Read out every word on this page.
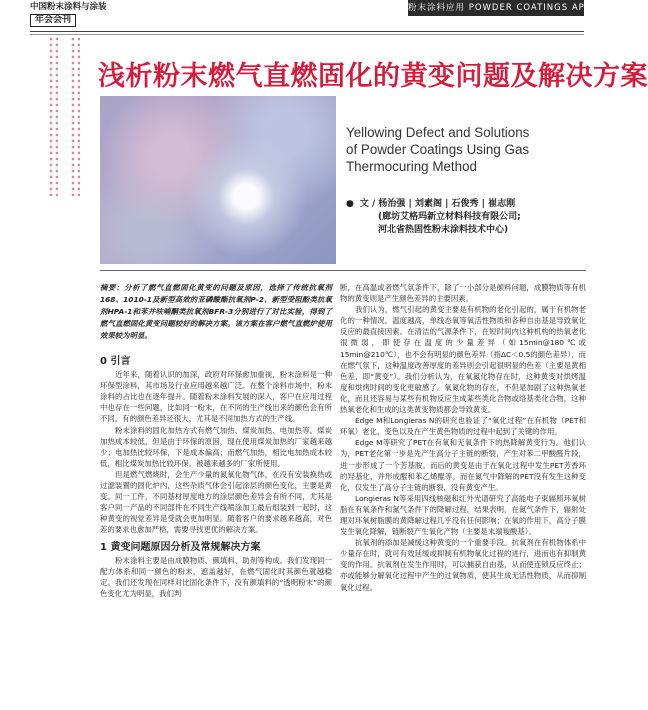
中国粉末涂料与涂装
年会会刊
粉末涂料应用 POWDER COATINGS APPLICATION
浅析粉末燃气直燃固化的黄变问题及解决方案
Yellowing Defect and Solutions
of Powder Coatings Using Gas
Thermocuring Method
● 文 / 杨治强 | 刘素阁 | 石俊秀 | 崔志刚
(廊坊艾格玛新立材料科技有限公司;
河北省热固性粉末涂料技术中心)
摘要：分析了燃气直燃固化黄变的问题及原因，选择了传统抗氧剂168、1010-1及新型高效的亚磷酸酯抗氧剂P-2、新型受阻酚类抗氧剂HPA-1和苯并呋喃酮类抗氧剂BFR-3分别进行了对比实验，得到了燃气直燃固化黄变问题较好的解决方案。该方案在客户燃气直燃炉使用效果较为明显。
0 引言

近年来，随着认识的加深，政府对环保愈加重视，粉末涂料是一种环保型涂料，其市场及行业应用越来越广泛。在整个涂料市场中，粉末涂料的占比也在逐年提升。随着粉末涂料发展的深入，客户在应用过程中也存在一些问题，比如同一粉末，在不同的生产线出来的颜色会有所不同，有的颜色差异还很大，尤其是不同加热方式的生产线。

粉末涂料的固化加热方式有燃气加热、煤炭加热、电加热等。煤炭加热成本较低，但是由于环保的原因，现在使用煤炭加热的厂家越来越少；电加热比较环保，下是成本偏高；而燃气加热，相比电加热成本较低，相比煤炭加热比较环保，被越来越多的厂家所使用。

但是燃气燃烧时，会生产少量的氮氧化物气体，在没有安装换热或过滤装置的固化炉内，这些杂质气体会引起涂层的颜色变化，主要是黄变。同一工件，不同基材厚度地方的涂层颜色差异会有所不同，尤其是客户同一产品的不同部件在不同生产线喷涂加工最后组装到一起时，这种黄变的视觉差异是受就会更加明显。随着客户的要求越来越高，对色差的要求也愈加严格，需要寻找更优的解决方案。

1 黄变问题原因分析及常规解决方案

粉末涂料主要是由成膜物质、颜填料、助剂等构成。我们发现同一配方体系和同一颜色的粉末，遮盖越好，在燃气固化时其颜色就越稳定。我们还发现在同样对比固化条件下，没有颜填料的“透明粉末”的颜色变化尤为明显，我们判

断，在高温或者燃气氛条件下，除了一小部分是颜料问题，成膜物质等有机物的黄变则是产生颜色差异的主要因素。

我们认为，燃气引起的黄变主要是有机物的老化引起的，属于有机物老化的一种情况。温度越高，单线态氧等氧活性物质和各种自由基是导致氧化反应的最直接因素。在清洁的气源条件下，在短时间内这种机构的热氧老化很微弱，即使存在温度的少量差异（如15min@180℃或15min@210℃），也不会有明显的颜色差异（指ΔC＜0.5的颜色差异），而在燃气氛下，这种温度改善厚度的差异则会引起很明显的色差（主要是黄相色差，即“黄变”）。我们分析认为，在氧氮化物存在时，这种黄变对烘烤温度和烘烤时间的变化更敏感了。氧氮化物的存在，不但是加剧了这种热氧老化，而且还容易与某些有机物反应生成某些类化合物或络基类化合物，这种热氧老化和生成的这类黄变物质都会导致黄变。

Edge M和Longieras N的研究也验证了“氧化过程”在有机物（PET和环氧）老化，变色以及在产生黄色物质的过程中起到了关键的作用。

Edge M等研究了PET在有氧和无氧条件下的热降解黄变行为。他们认为，PET老化第一步是先产生高分子主链的断裂，产生对苯二甲酸醛片段，进一步形成了一个芳基胺。而后的黄变是由于在氧化过程中发生PET芳香环的羟基化，并形成醌和苯乙烯醌等。而在氮气中降解的PET没有发生这种变化，仅发生了高分子主链的断裂，没有黄变产生。

Longieras N等采用四线核磁和红外光谱研究了高能电子束辐照环氧树脂在有氧条件和氮气条件下的降解过程。结果表明，在氮气条件下，辐射处理对环氧树脂膜的黄降解过程几乎没有任何影响；在氧的作用下，高分子膜发生氧化降解，链断裂产生氧化产物（主要是末端羧酸基）。

抗氧剂的添加是减缓这种黄变的一个重要手段。抗氧剂在有机物体系中少量存在时，就可有效延缓或抑制有机物氧化过程的进行，进而也有抑制黄变的作用。抗氧剂在发生作用时，可以捕获自由基，从而使连锁反应终止；亦或能够分解氧化过程中产生的过氧物质，使其生成无活性物质，从而抑制氧化过程。
